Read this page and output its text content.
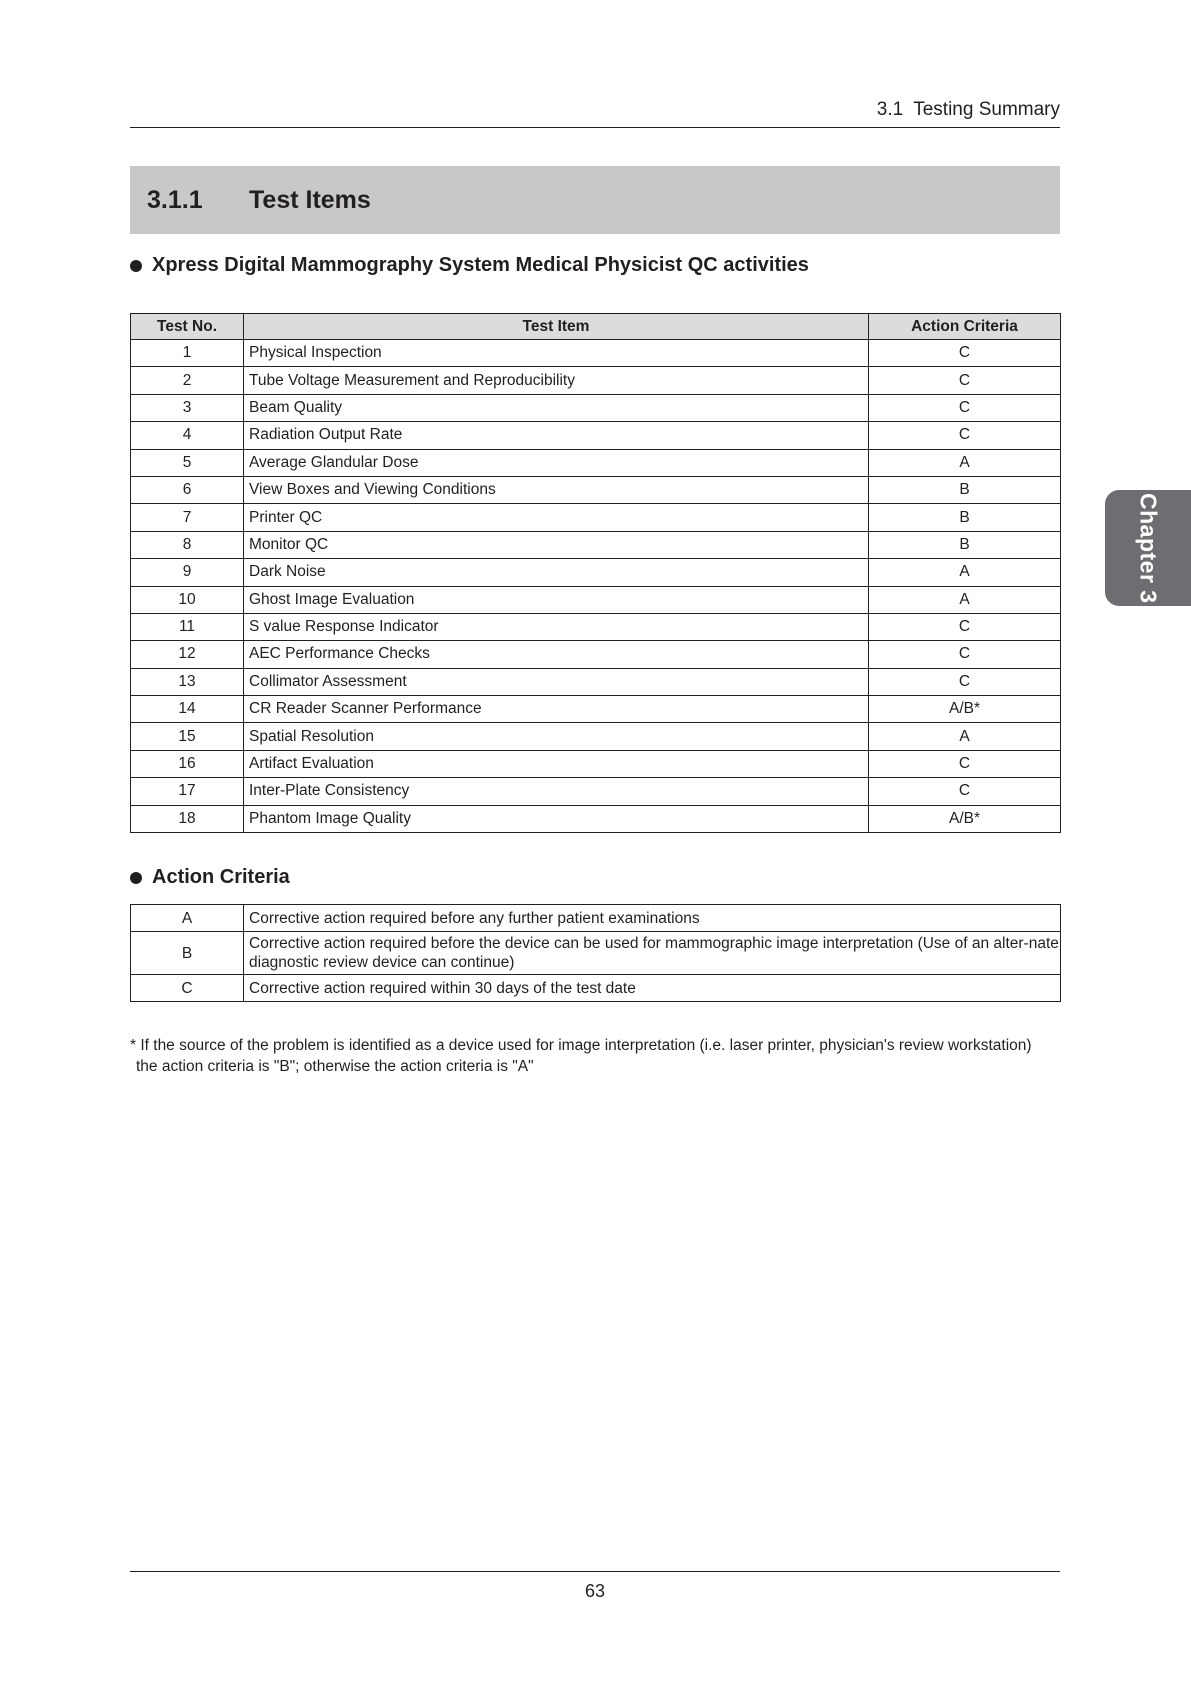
3.1 Testing Summary
3.1.1	Test Items
Xpress Digital Mammography System Medical Physicist QC activities
Test No.	Test Item	Action Criteria
1	Physical Inspection	C
2	Tube Voltage Measurement and Reproducibility	C
3	Beam Quality	C
4	Radiation Output Rate	C
5	Average Glandular Dose	A
6	View Boxes and Viewing Conditions	B
7	Printer QC	B
8	Monitor QC	B
9	Dark Noise	A
10	Ghost Image Evaluation	A
11	S value Response Indicator	C
12	AEC Performance Checks	C
13	Collimator Assessment	C
14	CR Reader Scanner Performance	A/B*
15	Spatial Resolution	A
16	Artifact Evaluation	C
17	Inter-Plate Consistency	C
18	Phantom Image Quality	A/B*
Action Criteria
A	Corrective action required before any further patient examinations
B	Corrective action required before the device can be used for mammographic image interpretation (Use of an alter-nate diagnostic review device can continue)
C	Corrective action required within 30 days of the test date
* If the source of the problem is identified as a device used for image interpretation (i.e. laser printer, physician's review workstation)
the action criteria is "B"; otherwise the action criteria is "A"
63
Chapter 3
